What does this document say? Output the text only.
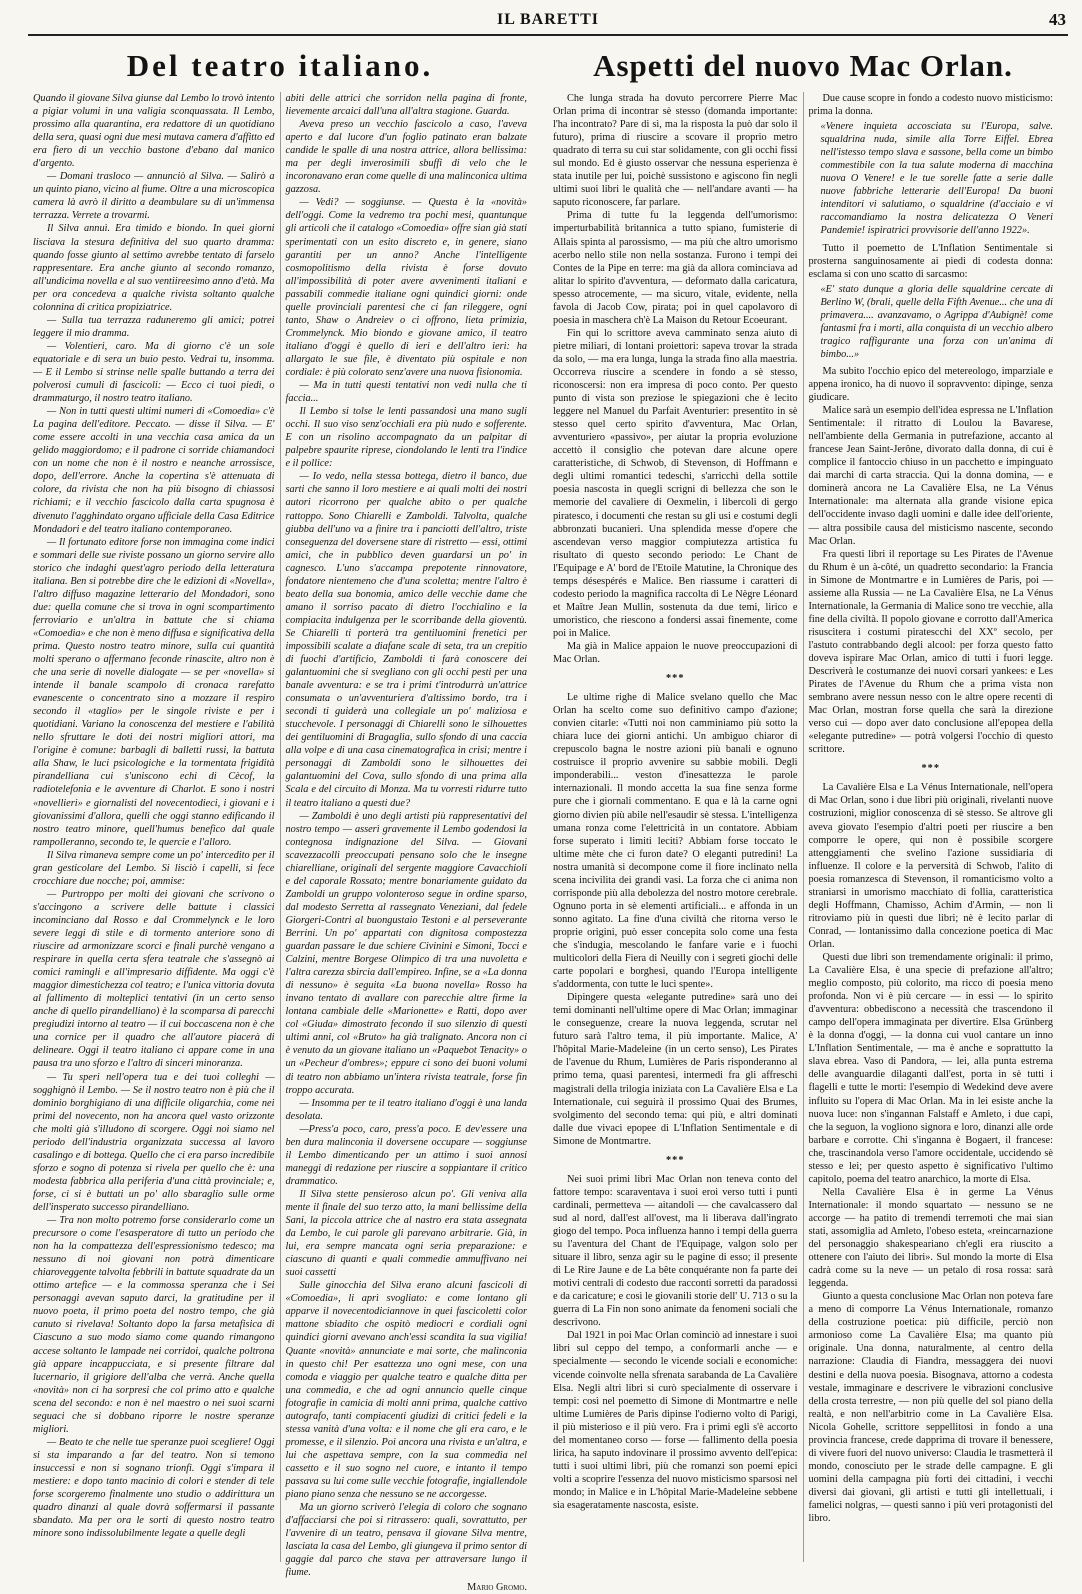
IL BARETTI	43
Del teatro italiano.

Quando il giovane Silva giunse dal Lembo lo trovò intento a pigiar volumi in una valigia sconquassata. Il Lembo, prossimo alla quarantina, era redattore di un quotidiano della sera, quasi ogni due mesi mutava camera d'affitto ed era fiero di un vecchio bastone d'ebano dal manico d'argento.

— Domani trasloco — annunciò al Silva. — Salirò a un quinto piano, vicino al fiume. Oltre a una microscopica camera là avrò il diritto a deambulare su di un'immensa terrazza. Verrete a trovarmi.

Il Silva annuì. Era timido e biondo. In quei giorni lisciava la stesura definitiva del suo quarto dramma: quando fosse giunto al settimo avrebbe tentato di farselo rappresentare. Era anche giunto al secondo romanzo, all'undicima novella e al suo ventiireesimo anno d'età. Ma per ora concedeva a qualche rivista soltanto qualche colonnina di critica propiziatrice.

— Sulla tua terrazza raduneremo gli amici; potrei leggere il mio dramma.

— Volentieri, caro. Ma di giorno c'è un sole equatoriale e di sera un buio pesto. Vedrai tu, insomma. — E il Lembo si strinse nelle spalle buttando a terra dei polverosi cumuli di fascicoli: — Ecco ci tuoi piedi, o drammaturgo, il nostro teatro italiano.

— Non in tutti questi ultimi numeri di «Comoedia» c'è La pagina dell'editore. Peccato. — disse il Silva. — E' come essere accolti in una vecchia casa amica da un gelido maggiordomo; e il padrone ci sorride chiamandoci con un nome che non è il nostro e neanche arrossisce, dopo, dell'errore. Anche la copertina s'è attenuata di colore, da rivista che non ha più bisogno di chiassosi richiami; e il vecchio fascicolo dalla carta spugnosa è divenuto l'agghindato organo ufficiale della Casa Editrice Mondadori e del teatro italiano contemporaneo.

— Il fortunato editore forse non immagina come indici e sommari delle sue riviste possano un giorno servire allo storico che indaghi quest'agro periodo della letteratura italiana. Ben si potrebbe dire che le edizioni di «Novella», l'altro diffuso magazine letterario del Mondadori, sono due: quella comune che si trova in ogni scompartimento ferroviario e un'altra in battute che si chiama «Comoedia» e che non è meno diffusa e significativa della prima. Questo nostro teatro minore, sulla cui quantità molti sperano o affermano feconde rinascite, altro non è che una serie di novelle dialogate — se per «novella» si intende il banale scampolo di cronaca rarefatto evanescente o concentrato sino a mozzare il respiro secondo il «taglio» per le singole riviste e per i quotidiani. Variano la conoscenza del mestiere e l'abilità nello sfruttare le doti dei nostri migliori attori, ma l'origine è comune: barbagli di balletti russi, la battuta alla Shaw, le luci psicologiche e la tormentata frigidità pirandelliana cui s'uniscono echi di Cècof, la radiotelefonia e le avventure di Charlot. E sono i nostri «novellieri» e giornalisti del novecentodieci, i giovani e i giovanissimi d'allora, quelli che oggi stanno edificando il nostro teatro minore, quell'humus benefico dal quale rampolleranno, secondo te, le quercie e l'alloro.

Il Silva rimaneva sempre come un po' intercedito per il gran gesticolare del Lembo. Si lisciò i capelli, si fece crocchiare due nocche; poi, ammise:

— Purtroppo per molti dei giovani che scrivono o s'accingono a scrivere delle battute i classici incominciano dal Rosso e dal Crommelynck e le loro severe leggi di stile e di tormento anteriore sono di riuscire ad armonizzare scorci e finali purchè vengano a respirare in quella certa sfera teatrale che s'assegnò ai comici ramingli e all'impresario diffidente. Ma oggi c'è maggior dimestichezza col teatro; e l'unica vittoria dovuta al fallimento di molteplici tentativi (in un certo senso anche di quello pirandelliano) è la scomparsa di parecchi pregiudizi intorno al teatro — il cui boccascena non è che una cornice per il quadro che all'autore piacerà di delineare. Oggi il teatro italiano ci appare come in una pausa tra uno sforzo e l'altro di sinceri minoranza.

— Tu speri nell'opera tua e dei tuoi colleghi — sogghignò il Lembo. — Se il nostro teatro non è più che il dominio borghigiano di una difficile oligarchia, come nei primi del novecento, non ha ancora quel vasto orizzonte che molti già s'illudono di scorgere. Oggi noi siamo nel periodo dell'industria organizzata successa al lavoro casalingo e di bottega. Quello che ci era parso incredibile sforzo e sogno di potenza si rivela per quello che è: una modesta fabbrica alla periferia d'una città provinciale; e, forse, ci si è buttati un po' allo sbaraglio sulle orme dell'insperato successo pirandelliano.

— Tra non molto potremo forse considerarlo come un precursore o come l'esasperatore di tutto un periodo che non ha la compattezza dell'espressionismo tedesco; ma nessuno di noi giovani non potrà dimenticare chiaroveggente talvolta febbrili in battute squadrate da un ottimo artefice — e la commossa speranza che i Sei personaggi avevan saputo darci, la gratitudine per il nuovo poeta, il primo poeta del nostro tempo, che già canuto si rivelava! Soltanto dopo la farsa metafisica di Ciascuno a suo modo siamo come quando rimangono accese soltanto le lampade nei corridoi, qualche poltrona già appare incappucciata, e si presente filtrare dal lucernario, il grigiore dell'alba che verrà. Anche quella «novità» non ci ha sorpresi che col primo atto e qualche scena del secondo: e non è nel maestro o nei suoi scarni seguaci che si dobbano riporre le nostre speranze migliori.

— Beato te che nelle tue speranze puoi scegliere! Oggi si sta imparando a far del teatro. Non si temono insuccessi e non si sognano trionfi. Oggi s'impara il mestiere: e dopo tanto macinio di colori e stender di tele forse scorgeremo finalmente uno studio o addirittura un quadro dinanzi al quale dovrà soffermarsi il passante sbandato. Ma per ora le sorti di questo nostro teatro minore sono indissolubilmente legate a quelle degli

abiti delle attrici che sorridon nella pagina di fronte, lievemente arcaici dall'una all'altra stagione. Guarda.

Aveva preso un vecchio fascicolo a caso, l'aveva aperto e dal lucore d'un foglio patinato eran balzate candide le spalle di una nostra attrice, allora bellissima: ma per degli inverosimili sbuffi di velo che le incoronavano eran come quelle di una malinconica ultima gazzosa.

— Vedi? — soggiunse. — Questa è la «novità» dell'oggi. Come la vedremo tra pochi mesi, quantunque gli articoli che il catalogo «Comoedia» offre sian già stati sperimentati con un esito discreto e, in genere, siano garantiti per un anno? Anche l'intelligente cosmopolitismo della rivista è forse dovuto all'impossibilità di poter avere avvenimenti italiani e passabili commedie italiane ogni quindici giorni: onde quelle provinciali parentesi che ci fan rileggere, ogni tanto, Shaw o Andreiev o ci offrono, lieta primizia, Crommelynck. Mio biondo e giovane amico, il teatro italiano d'oggi è quello di ieri e dell'altro ieri: ha allargato le sue file, è diventato più ospitale e non cordiale: è più colorato senz'avere una nuova fisionomia.

— Ma in tutti questi tentativi non vedi nulla che ti faccia...

Il Lembo si tolse le lenti passandosi una mano sugli occhi. Il suo viso senz'occhiali era più nudo e sofferente. E con un risolino accompagnato da un palpitar di palpebre spaurite riprese, ciondolando le lenti tra l'indice e il pollice:

— Io vedo, nella stessa bottega, dietro il banco, due sarti che sanno il loro mestiere e ai quali molti dei nostri autori ricorrono per qualche abito o per qualche rattoppo. Sono Chiarelli e Zamboldi. Talvolta, qualche giubba dell'uno va a finire tra i panciotti dell'altro, triste conseguenza del doversene stare di ristretto — essi, ottimi amici, che in pubblico deven guardarsi un po' in cagnesco. L'uno s'accampa prepotente rinnovatore, fondatore nientemeno che d'una scoletta; mentre l'altro è beato della sua bonomia, amico delle vecchie dame che amano il sorriso pacato di dietro l'occhialino e la compiacita indulgenza per le scorribande della gioventù. Se Chiarelli ti porterà tra gentiluomini frenetici per impossibili scalate a diafane scale di seta, tra un crepitio di fuochi d'artificio, Zamboldi ti farà conoscere dei galantuomini che si svegliano con gli occhi pesti per una banale avventura: e se tra i primi t'introdurrà un'attrice consumata o un'avventuriera d'altissimo bordo, tra i secondi ti guiderà una collegiale un po' maliziosa e stucchevole. I personaggi di Chiarelli sono le silhouettes dei gentiluomini di Bragaglia, sullo sfondo di una caccia alla volpe e di una casa cinematografica in crisi; mentre i personaggi di Zamboldi sono le silhouettes dei galantuomini del Cova, sullo sfondo di una prima alla Scala e del circuito di Monza. Ma tu vorresti ridurre tutto il teatro italiano a questi due?

— Zamboldi è uno degli artisti più rappresentativi del nostro tempo — asserì gravemente il Lembo godendosi la contegnosa indignazione del Silva. — Giovani scavezzacolli preoccupati pensano solo che le insegne chiarelliane, originali del sergente maggiore Cavacchioli e del caporale Rossato; mentre bonariamente guidato da Zamboldi un gruppo volonteroso segue in ordine sparso, dal modesto Serretta al rassegnato Veneziani, dal fedele Giorgeri-Contri al buongustaio Testoni e al perseverante Berrini. Un po' appartati con dignitosa compostezza guardan passare le due schiere Civinini e Simoni, Tocci e Calzini, mentre Borgese Olimpico di tra una nuvoletta e l'altra carezza sbircia dall'empireo. Infine, se a «La donna di nessuno» è seguita «La buona novella» Rosso ha invano tentato di avallare con parecchie altre firme la lontana cambiale delle «Marionette» e Ratti, dopo aver col «Giuda» dimostrato fecondo il suo silenzio di questi ultimi anni, col «Bruto» ha già tralignato. Ancora non ci è venuto da un giovane italiano un «Paquebot Tenacity» o un «Pecheur d'ombres»; eppure ci sono dei buoni volumi di teatro non abbiamo un'intera rivista teatrale, forse fin troppo accurata.

— Insomma per te il teatro italiano d'oggi è una landa desolata.

—Press'a poco, caro, press'a poco. E dev'essere una ben dura malinconia il doversene occupare — soggiunse il Lembo dimenticando per un attimo i suoi annosi maneggi di redazione per riuscire a soppiantare il critico drammatico.

Il Silva stette pensieroso alcun po'. Gli veniva alla mente il finale del suo terzo atto, la mani bellissime della Sani, la piccola attrice che al nastro era stata assegnata da Lembo, le cui parole gli parevano arbitrarie. Già, in lui, era sempre mancata ogni seria preparazione: e ciascuno di quanti e quali commedie ammuffivano nei suoi cassetti

Sulle ginocchia del Silva erano alcuni fascicoli di «Comoedia», li aprì svogliato: e come lontano gli apparve il novecentodiciannove in quei fascicoletti color mattone sbiadito che ospitò mediocri e cordiali ogni quindici giorni avevano anch'essi scandita la sua vigilia! Quante «novità» annunciate e mai sorte, che malinconia in questo chi! Per esattezza uno ogni mese, con una comoda e viaggio per qualche teatro e qualche ditta per una commedia, e che ad ogni annuncio quelle cinque fotografie in camicia di molti anni prima, qualche cattivo autografo, tanti compiacenti giudizi di critici fedeli e la stessa vanità d'una volta: e il nome che gli era caro, e le promesse, e il silenzio. Poi ancora una rivista e un'altra, e lui che aspettava sempre, con la sua commedia nel cassetto e il suo sogno nel cuore, e intanto il tempo passava su lui come sulle vecchie fotografie, ingiallendole piano piano senza che nessuno se ne accorgesse.

Ma un giorno scriverò l'elegia di coloro che sognano d'affacciarsi che poi si ritrassero: quali, sovrattutto, per l'avvenire di un teatro, pensava il giovane Silva mentre, lasciata la casa del Lembo, gli giungeva il primo sentor di gaggie dal parco che stava per attraversare lungo il fiume.

Mario Gromo.
Aspetti del nuovo Mac Orlan.

Che lunga strada ha dovuto percorrere Pierre Mac Orlan prima di incontrar sè stesso (domanda importante: l'ha incontrato? Pare di sì, ma la risposta la può dar solo il futuro), prima di riuscire a scovare il proprio metro quadrato di terra su cui star solidamente, con gli occhi fissi sul mondo. Ed è giusto osservar che nessuna esperienza è stata inutile per lui, poichè sussistono e agiscono fin negli ultimi suoi libri le qualità che — nell'andare avanti — ha saputo riconoscere, far parlare.

Prima di tutte fu la leggenda dell'umorismo: imperturbabilità britannica a tutto spiano, fumisterie di Allais spinta al parossismo, — ma più che altro umorismo acerbo nello stile non nella sostanza. Furono i tempi dei Contes de la Pipe en terre: ma già da allora cominciava ad alitar lo spirito d'avventura, — deformato dalla caricatura, spesso atrocemente, — ma sicuro, vitale, evidente, nella favola di Jacob Cow, pirata; poi in quel capolavoro di poesia in maschera ch'è La Maison du Retour Ecoeurant.

Fin qui lo scrittore aveva camminato senza aiuto di pietre miliari, di lontani proiettori: sapeva trovar la strada da solo, — ma era lunga, lunga la strada fino alla maestria. Occorreva riuscire a scendere in fondo a sè stesso, riconoscersi: non era impresa di poco conto. Per questo punto di vista son preziose le spiegazioni che è lecito leggere nel Manuel du Parfait Aventurier: presentito in sè stesso quel certo spirito d'avventura, Mac Orlan, avventuriero «passivo», per aiutar la propria evoluzione accettò il consiglio che potevan dare alcune opere caratteristiche, di Schwob, di Stevenson, di Hoffmann e degli ultimi romantici tedeschi, s'arricchì della sottile poesia nascosta in quegli scrigni di bellezza che son le memorie del cavaliere di Oexmelin, i libercoli di gergo piratesco, i documenti che restan su gli usi e costumi degli abbronzati bucanieri. Una splendida messe d'opere che ascendevan verso maggior compiutezza artistica fu risultato di questo secondo periodo: Le Chant de l'Equipage e A' bord de l'Etoile Matutine, la Chronique des temps désespérés e Malice. Ben riassume i caratteri di codesto periodo la magnifica raccolta di Le Nègre Léonard et Maître Jean Mullin, sostenuta da due temi, lirico e umoristico, che riescono a fondersi assai finemente, come poi in Malice.

Ma già in Malice appaion le nuove preoccupazioni di Mac Orlan.

***

Le ultime righe di Malice svelano quello che Mac Orlan ha scelto come suo definitivo campo d'azione; convien citarle: «Tutti noi non camminiamo più sotto la chiara luce dei giorni antichi. Un ambiguo chiaror di crepuscolo bagna le nostre azioni più banali e ognuno costruisce il proprio avvenire su sabbie mobili. Degli imponderabili... veston d'inesattezza le parole internazionali. Il mondo accetta la sua fine senza forme pure che i giornali commentano. E qua e là la carne ogni giorno divien più abile nell'esaudir sè stessa. L'intelligenza umana ronza come l'elettricità in un contatore. Abbiam forse superato i limiti leciti? Abbiam forse toccato le ultime mète che ci furon date? O eleganti putredini! La nostra umanità si decompone come il fiore inclinato nella scena incivilita dei grandi vasi. La forza che ci anima non corrisponde più alla debolezza del nostro motore cerebrale. Ognuno porta in sè elementi artificiali... e affonda in un sonno agitato. La fine d'una civiltà che ritorna verso le proprie origini, può esser concepita solo come una festa che s'indugia, mescolando le fanfare varie e i fuochi multicolori della Fiera di Neuilly con i segreti giochi delle carte popolari e borghesi, quando l'Europa intelligente s'addormenta, con tutte le luci spente».

Dipingere questa «elegante putredine» sarà uno dei temi dominanti nell'ultime opere di Mac Orlan; immaginar le conseguenze, creare la nuova leggenda, scrutar nel futuro sarà l'altro tema, il più importante. Malice, A' l'hôpital Marie-Madeleine (in un certo senso), Les Pirates de l'avenue du Rhum, Lumières de Paris risponderanno al primo tema, quasi parentesi, intermedi fra gli affreschi magistrali della trilogia iniziata con La Cavalière Elsa e La Internationale, cui seguirà il prossimo Quai des Brumes, svolgimento del secondo tema: qui più, e altri dominati dalle due vivaci epopee di L'Inflation Sentimentale e di Simone de Montmartre.

***

Nei suoi primi libri Mac Orlan non teneva conto del fattore tempo: scaraventava i suoi eroi verso tutti i punti cardinali, permetteva — aitandoli — che cavalcassero dal sud al nord, dall'est all'ovest, ma li liberava dall'ingrato giogo del tempo. Poca influenza hanno i tempi della guerra su l'aventura del Chant de l'Equipage, valgon solo per situare il libro, senza agir su le pagine di esso; il presente di Le Rire Jaune e de La bête conquérante non fa parte dei motivi centrali di codesto due racconti sorretti da paradossi e da caricature; e così le giovanili storie dell' U. 713 o su la guerra di La Fin non sono animate da fenomeni sociali che descrivono.

Dal 1921 in poi Mac Orlan cominciò ad innestare i suoi libri sul ceppo del tempo, a conformarli anche — e specialmente — secondo le vicende sociali e economiche: vicende coinvolte nella sfrenata sarabanda de La Cavalière Elsa. Negli altri libri si curò specialmente di osservare i tempi: così nel poemetto di Simone di Montmartre e nelle ultime Lumières de Paris dipinse l'odierno volto di Parigi, il più misterioso e il più vero. Fra i primi egli s'è accorto del momentaneo corso — forse — fallimento della poesia lirica, ha saputo indovinare il prossimo avvento dell'epica: tutti i suoi ultimi libri, più che romanzi son poemi epici volti a scoprire l'essenza del nuovo misticismo sparsosi nel mondo; in Malice e in L'hôpital Marie-Madeleine sebbene sia esageratamente nascosta, esiste.

Due cause scopre in fondo a codesto nuovo misticismo: prima la donna.

«Venere inquieta accosciata su l'Europa, salve. squaldrina nuda, simile alla Torre Eiffel. Ebrea nell'istesso tempo slava e sassone, bella come un bimbo commestibile con la tua salute moderna di macchina nuova O Venere! e le tue sorelle fatte a serie dalle nuove fabbriche letterarie dell'Europa! Da buoni intenditori vi salutiamo, o squaldrine (d'acciaio e vi raccomandiamo la nostra delicatezza O Veneri Pandemie! ispiratrici provvisorie dell'anno 1922».

Tutto il poemetto de L'Inflation Sentimentale si prosterna sanguinosamente ai piedi di codesta donna: esclama si con uno scatto di sarcasmo:

«E' stato dunque a gloria delle squaldrine cercate di Berlino W, (brali, quelle della Fifth Avenue... che una di primavera.... avanzavamo, o Agrippa d'Aubignè! come fantasmi fra i morti, alla conquista di un vecchio albero tragico raffigurante una forza con un'anima di bimbo...»

Ma subito l'occhio epico del metereologo, imparziale e appena ironico, ha di nuovo il sopravvento: dipinge, senza giudicare.

Malice sarà un esempio dell'idea espressa ne L'Inflation Sentimentale: il ritratto di Loulou la Bavarese, nell'ambiente della Germania in putrefazione, accanto al francese Jean Saint-Jerône, divorato dalla donna, di cui è complice il fantoccio chiuso in un pacchetto e impinguato dai marchi di carta straccia. Qui la donna domina, — e dominerà ancora ne La Cavalière Elsa, ne La Vénus Internationale: ma alternata alla grande visione epica dell'occidente invaso dagli uomini e dalle idee dell'oriente, — altra possibile causa del misticismo nascente, secondo Mac Orlan.

Fra questi libri il reportage su Les Pirates de l'Avenue du Rhum è un à-côté, un quadretto secondario: la Francia in Simone de Montmartre e in Lumières de Paris, poi — assieme alla Russia — ne La Cavalière Elsa, ne La Vénus Internationale, la Germania di Malice sono tre vecchie, alla fine della civiltà. Il popolo giovane e corrotto dall'America risuscitera i costumi piratescchi del XXº secolo, per l'astuto contrabbando degli alcool: per forza questo fatto doveva ispirare Mac Orlan, amico di tutti i fuori legge. Descriverà le costumanze dei nuovi corsari yankees: e Les Pirates de l'Avenue du Rhum che a prima vista non sembrano avere nessun nesso con le altre opere recenti di Mac Orlan, mostran forse quella che sarà la direzione verso cui — dopo aver dato conclusione all'epopea della «elegante putredine» — potrà volgersi l'occhio di questo scrittore.

***

La Cavalière Elsa e La Vénus Internationale, nell'opera di Mac Orlan, sono i due libri più originali, rivelanti nuove costruzioni, miglior conoscenza di sè stesso. Se altrove gli aveva giovato l'esempio d'altri poeti per riuscire a ben comporre le opere, qui non è possibile scorgere attenggiamenti che svelino l'azione sussidiaria di influenze. Il colore e la perversità di Schwob, l'alito di poesia romanzesca di Stevenson, il romanticismo volto a straniarsi in umorismo macchiato di follia, caratteristica degli Hoffmann, Chamisso, Achim d'Armin, — non li ritroviamo più in questi due libri; nè è lecito parlar di Conrad, — lontanissimo dalla concezione poetica di Mac Orlan.

Questi due libri son tremendamente originali: il primo, La Cavalière Elsa, è una specie di prefazione all'altro; meglio composto, più colorito, ma ricco di poesia meno profonda. Non vi è più cercare — in essi — lo spirito d'avventura: obbediscono a necessità che trascendono il campo dell'opera immaginata per divertire. Elsa Grünberg è la donna d'oggi, — la donna cui vuol cantare un inno L'Inflation Sentimentale, — ma è anche e soprattutto la slava ebrea. Vaso di Pandora, — lei, alla punta estrema delle avanguardie dilaganti dall'est, porta in sè tutti i flagelli e tutte le morti: l'esempio di Wedekind deve avere influito su l'opera di Mac Orlan. Ma in lei esiste anche la nuova luce: non s'ingannan Falstaff e Amleto, i due capi, che la seguon, la vogliono signora e loro, dinanzi alle orde barbare e corrotte. Chi s'inganna è Bogaert, il francese: che, trascinandola verso l'amore occidentale, uccidendo sè stesso e lei; per questo aspetto è significativo l'ultimo capitolo, poema del teatro anarchico, la morte di Elsa.

Nella Cavalière Elsa è in germe La Vénus Internationale: il mondo squartato — nessuno se ne accorge — ha patito di tremendi terremoti che mai sian stati, assomiglia ad Amleto, l'obeso esteta, «reincarnazione del personaggio shakespeariano ch'egli era riuscito a ottenere con l'aiuto dei libri». Sul mondo la morte di Elsa cadrà come su la neve — un petalo di rosa rossa: sarà leggenda.

Giunto a questa conclusione Mac Orlan non poteva fare a meno di comporre La Vénus Internationale, romanzo della costruzione poetica: più difficile, perciò non armonioso come La Cavalière Elsa; ma quanto più originale. Una donna, naturalmente, al centro della narrazione: Claudia di Fiandra, messaggera dei nuovi destini e della nuova poesia. Bisognava, attorno a codesta vestale, immaginare e descrivere le vibrazioni conclusive della crosta terrestre, — non più quelle del sol piano della realtà, e non nell'arbitrio come in La Cavalière Elsa. Nicola Gohelle, scrittore seppellitosi in fondo a una provincia francese, crede dapprima di trovare il benessere, di vivere fuori del nuovo universo: Claudia le trasmetterà il mondo, conosciuto per le strade delle campagne. E gli uomini della campagna più forti dei cittadini, i vecchi diversi dai giovani, gli artisti e tutti gli intellettuali, i famelici nolgras, — questi sanno i più veri protagonisti del libro.
